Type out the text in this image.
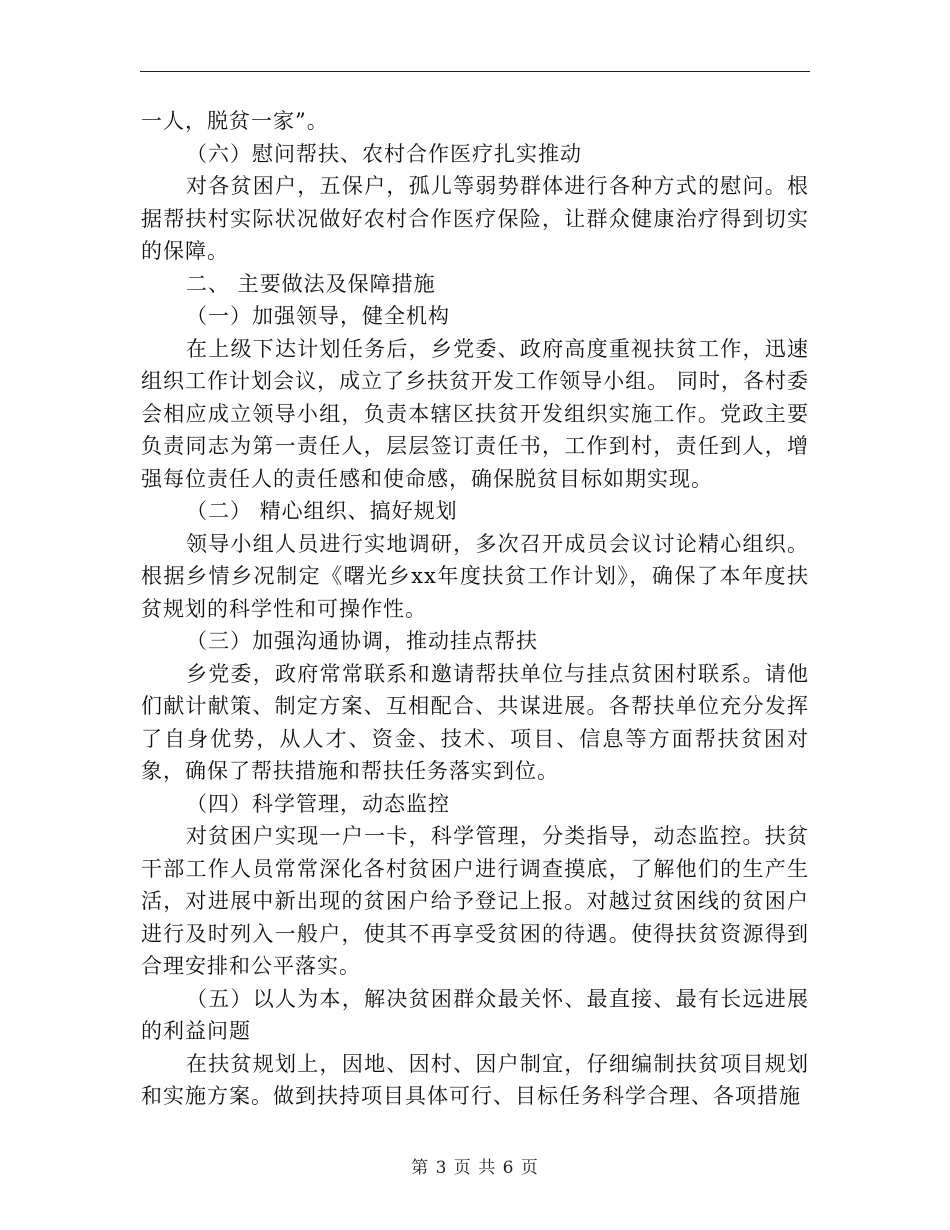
一人，脱贫一家”。

（六）慰问帮扶、农村合作医疗扎实推动

对各贫困户，五保户，孤儿等弱势群体进行各种方式的慰问。根据帮扶村实际状况做好农村合作医疗保险，让群众健康治疗得到切实的保障。

二、 主要做法及保障措施

（一）加强领导，健全机构

在上级下达计划任务后，乡党委、政府高度重视扶贫工作，迅速组织工作计划会议，成立了乡扶贫开发工作领导小组。 同时，各村委会相应成立领导小组，负责本辖区扶贫开发组织实施工作。党政主要负责同志为第一责任人，层层签订责任书，工作到村，责任到人，增强每位责任人的责任感和使命感，确保脱贫目标如期实现。

（二） 精心组织、搞好规划

领导小组人员进行实地调研，多次召开成员会议讨论精心组织。根据乡情乡况制定《曙光乡xx年度扶贫工作计划》，确保了本年度扶贫规划的科学性和可操作性。

（三）加强沟通协调，推动挂点帮扶

乡党委，政府常常联系和邀请帮扶单位与挂点贫困村联系。请他们献计献策、制定方案、互相配合、共谋进展。各帮扶单位充分发挥了自身优势，从人才、资金、技术、项目、信息等方面帮扶贫困对象，确保了帮扶措施和帮扶任务落实到位。

（四）科学管理，动态监控

对贫困户实现一户一卡，科学管理，分类指导，动态监控。扶贫干部工作人员常常深化各村贫困户进行调查摸底，了解他们的生产生活，对进展中新出现的贫困户给予登记上报。对越过贫困线的贫困户进行及时列入一般户，使其不再享受贫困的待遇。使得扶贫资源得到合理安排和公平落实。

（五）以人为本，解决贫困群众最关怀、最直接、最有长远进展的利益问题

在扶贫规划上，因地、因村、因户制宜，仔细编制扶贫项目规划和实施方案。做到扶持项目具体可行、目标任务科学合理、各项措施

第 3 页 共 6 页
